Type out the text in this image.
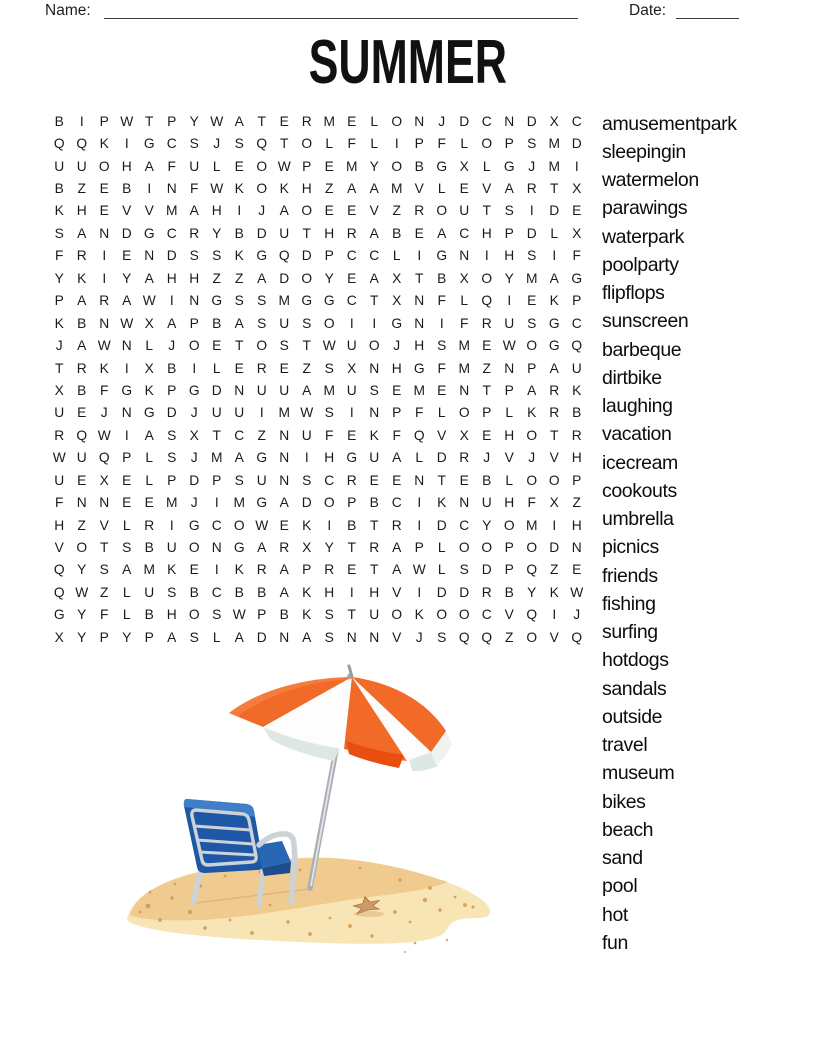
Name:	Date:
SUMMER
B	I	P W T P Y W A T E R M E	L O N	J	D C N D X C
Q Q K	I	G C S	J	S Q T O L	F	L	I	P F	L O P S M D
U U O H A F U L	E O W P E M Y O B G X	L G J M	I
B Z E B	I	N F W K O K H Z A A M V	L	E V A R T X
K H E V V M A H	I	J	A O E E V Z R O U T S	I	D E
S A N D G C R Y B D U T H R A B E A C H P D L	X
F R	I	E N D S S K G Q D P C C L	I	G N	I	H S	I	F
Y K	I	Y A H H Z	Z A D O Y E A X T B X O Y M A G
P A R A W	I	N G S S M G G C T X N F	L Q	I	E K P
K B N W X A P B A S U S O	I	I	G N	I	F R U S G C
J	A W N L	J O E T O S T W U O J	H S M E W O G Q
T R K	I	X B	I	L	E R E Z S X N H G F M Z N P A U
X B F G K P G D N U U A M U S E M E N T P A R K
U E	J	N G D	J	U U	I	M W S	I	N P F	L O P	L	K R B
R Q W	I	A S X T C Z N U F E K F Q V X E H O T R
W U Q P	L	S	J M A G N	I	H G U A	L D R	J	V	J	V H
U E X E	L	P D P S U N S C R E E N T E B	L O O P
F N N E E M J	I	M G A D O P B C	I	K N U H F X Z
H Z V	L R	I	G C O W E K	I	B T R	I	D C Y O M	I	H
V O T S B U O N G A R X Y T R A P	L O O P O D N
Q Y S A M K E	I	K R A P R E T A W L	S D P Q Z E
Q W Z	L U S B C B B A K H	I	H V	I	D D R B Y K W
G Y F	L	B H O S W P B K S T U O K O O C V Q	I	J
X Y P Y P A S	L	A D N A S N N V	J	S Q Q Z O V Q
amusementpark
sleepingin
watermelon
parawings
waterpark
poolparty
flipflops
sunscreen
barbeque
dirtbike
laughing
vacation
icecream
cookouts
umbrella
picnics
friends
fishing
surfing
hotdogs
sandals
outside
travel
museum
bikes
beach
sand
pool
hot
fun
